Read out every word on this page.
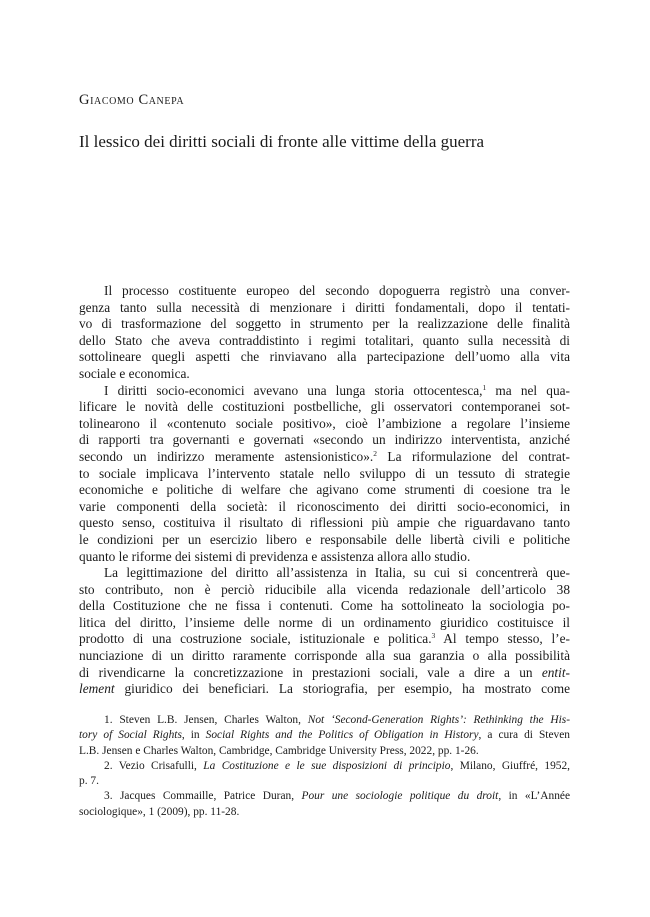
Giacomo Canepa
Il lessico dei diritti sociali di fronte alle vittime della guerra

Il processo costituente europeo del secondo dopoguerra registrò una conver-
genza tanto sulla necessità di menzionare i diritti fondamentali, dopo il tentati-
vo di trasformazione del soggetto in strumento per la realizzazione delle finalità
dello Stato che aveva contraddistinto i regimi totalitari, quanto sulla necessità di
sottolineare quegli aspetti che rinviavano alla partecipazione dell’uomo alla vita
sociale e economica.

I diritti socio-economici avevano una lunga storia ottocentesca,$^1$ ma nel qua-
lificare le novità delle costituzioni postbelliche, gli osservatori contemporanei sot-
tolinearono il «contenuto sociale positivo», cioè l’ambizione a regolare l’insieme
di rapporti tra governanti e governati «secondo un indirizzo interventista, anziché
secondo un indirizzo meramente astensionistico».$^2$ La riformulazione del contrat-
to sociale implicava l’intervento statale nello sviluppo di un tessuto di strategie
economiche e politiche di welfare che agivano come strumenti di coesione tra le
varie componenti della società: il riconoscimento dei diritti socio-economici, in
questo senso, costituiva il risultato di riflessioni più ampie che riguardavano tanto
le condizioni per un esercizio libero e responsabile delle libertà civili e politiche
quanto le riforme dei sistemi di previdenza e assistenza allora allo studio.

La legittimazione del diritto all’assistenza in Italia, su cui si concentrerà que-
sto contributo, non è perciò riducibile alla vicenda redazionale dell’articolo 38
della Costituzione che ne fissa i contenuti. Come ha sottolineato la sociologia po-
litica del diritto, l’insieme delle norme di un ordinamento giuridico costituisce il
prodotto di una costruzione sociale, istituzionale e politica.$^3$ Al tempo stesso, l’e-
nunciazione di un diritto raramente corrisponde alla sua garanzia o alla possibilità
di rivendicarne la concretizzazione in prestazioni sociali, vale a dire a un entit-
lement giuridico dei beneficiari. La storiografia, per esempio, ha mostrato come

1. Steven L.B. Jensen, Charles Walton, Not ‘Second-Generation Rights’: Rethinking the His-
tory of Social Rights, in Social Rights and the Politics of Obligation in History, a cura di Steven
L.B. Jensen e Charles Walton, Cambridge, Cambridge University Press, 2022, pp. 1-26.

2. Vezio Crisafulli, La Costituzione e le sue disposizioni di principio, Milano, Giuffré, 1952,
p. 7.

3. Jacques Commaille, Patrice Duran, Pour une sociologie politique du droit, in «L’Année
sociologique», 1 (2009), pp. 11-28.
